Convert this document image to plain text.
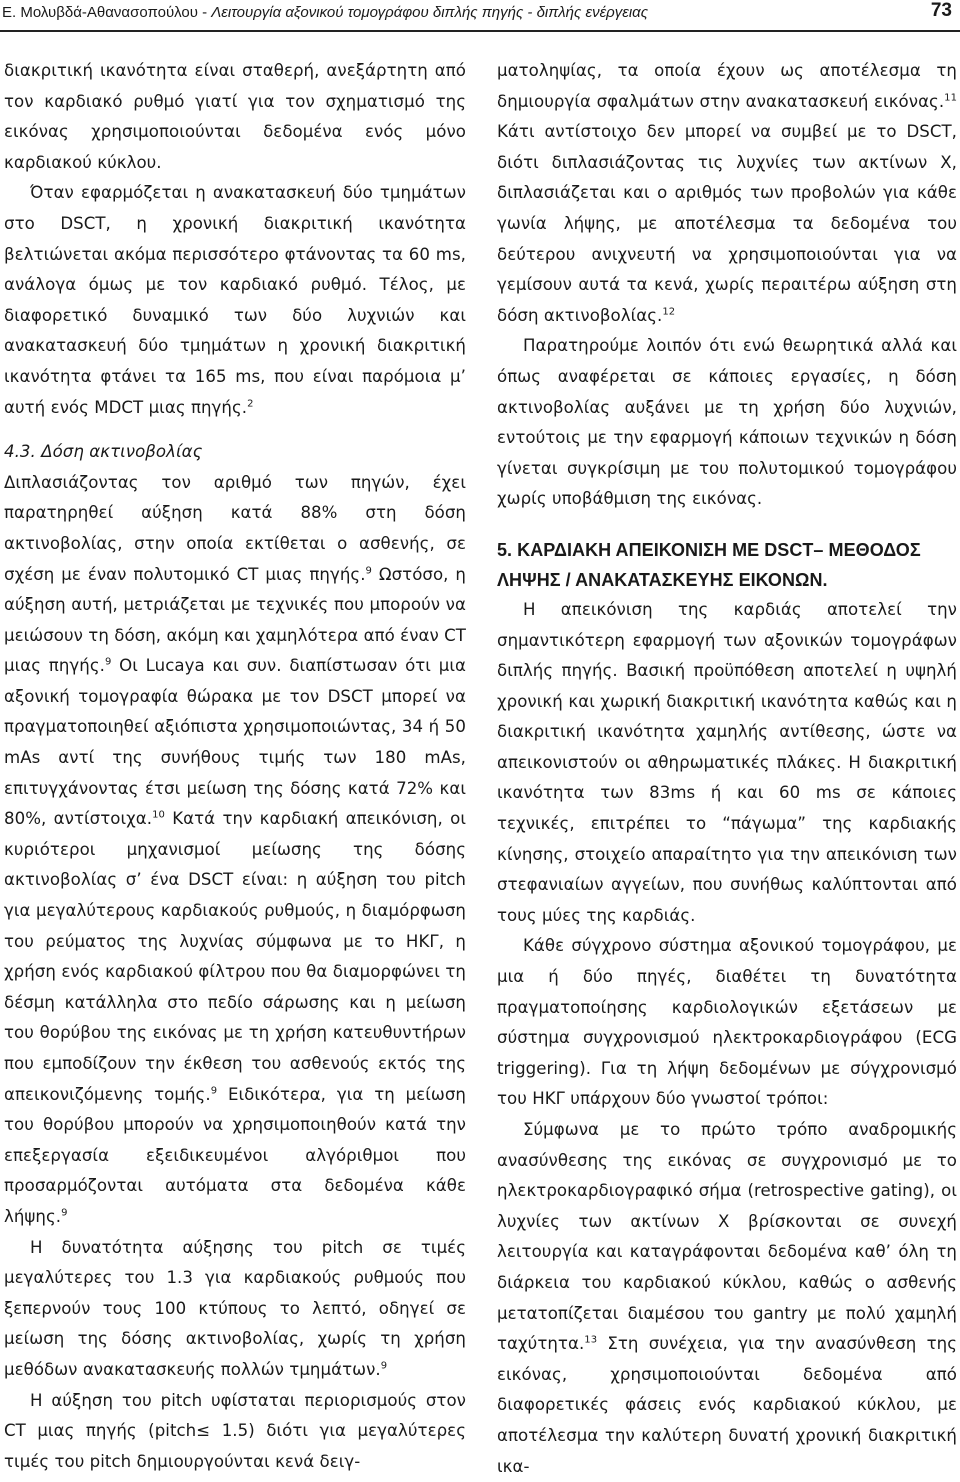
Ε. Μολυβδά-Αθανασοπούλου - Λειτουργία αξονικού τομογράφου διπλής πηγής - διπλής ενέργειας	73

διακριτική ικανότητα είναι σταθερή, ανεξάρτητη από τον καρδιακό ρυθμό γιατί για τον σχηματισμό της εικόνας χρησιμοποιούνται δεδομένα ενός μόνο καρδιακού κύκλου.

Όταν εφαρμόζεται η ανακατασκευή δύο τμημάτων στο DSCT, η χρονική διακριτική ικανότητα βελτιώνεται ακόμα περισσότερο φτάνοντας τα 60 ms, ανάλογα όμως με τον καρδιακό ρυθμό. Τέλος, με διαφορετικό δυναμικό των δύο λυχνιών και ανακατασκευή δύο τμημάτων η χρονική διακριτική ικανότητα φτάνει τα 165 ms, που είναι παρόμοια μ’ αυτή ενός MDCT μιας πηγής.$^2$

4.3. Δόση ακτινοβολίας

Διπλασιάζοντας τον αριθμό των πηγών, έχει παρατηρηθεί αύξηση κατά 88% στη δόση ακτινοβολίας, στην οποία εκτίθεται ο ασθενής, σε σχέση με έναν πολυτομικό CT μιας πηγής.$^9$ Ωστόσο, η αύξηση αυτή, μετριάζεται με τεχνικές που μπορούν να μειώσουν τη δόση, ακόμη και χαμηλότερα από έναν CT μιας πηγής.$^9$ Οι Lucaya και συν. διαπίστωσαν ότι μια αξονική τομογραφία θώρακα με τον DSCT μπορεί να πραγματοποιηθεί αξιόπιστα χρησιμοποιώντας, 34 ή 50 mAs αντί της συνήθους τιμής των 180 mAs, επιτυγχάνοντας έτσι μείωση της δόσης κατά 72% και 80%, αντίστοιχα.$^{10}$ Κατά την καρδιακή απεικόνιση, οι κυριότεροι μηχανισμοί μείωσης της δόσης ακτινοβολίας σ’ ένα DSCT είναι: η αύξηση του pitch για μεγαλύτερους καρδιακούς ρυθμούς, η διαμόρφωση του ρεύματος της λυχνίας σύμφωνα με το ΗΚΓ, η χρήση ενός καρδιακού φίλτρου που θα διαμορφώνει τη δέσμη κατάλληλα στο πεδίο σάρωσης και η μείωση του θορύβου της εικόνας με τη χρήση κατευθυντήρων που εμποδίζουν την έκθεση του ασθενούς εκτός της απεικονιζόμενης τομής.$^9$ Ειδικότερα, για τη μείωση του θορύβου μπορούν να χρησιμοποιηθούν κατά την επεξεργασία εξειδικευμένοι αλγόριθμοι που προσαρμόζονται αυτόματα στα δεδομένα κάθε λήψης.$^9$

Η δυνατότητα αύξησης του pitch σε τιμές μεγαλύτερες του 1.3 για καρδιακούς ρυθμούς που ξεπερνούν τους 100 κτύπους το λεπτό, οδηγεί σε μείωση της δόσης ακτινοβολίας, χωρίς τη χρήση μεθόδων ανακατασκευής πολλών τμημάτων.$^9$

Η αύξηση του pitch υφίσταται περιορισμούς στον CT μιας πηγής (pitch≤ 1.5) διότι για μεγαλύτερες τιμές του pitch δημιουργούνται κενά δειγ-

ματοληψίας, τα οποία έχουν ως αποτέλεσμα τη δημιουργία σφαλμάτων στην ανακατασκευή εικόνας.$^{11}$ Κάτι αντίστοιχο δεν μπορεί να συμβεί με το DSCT, διότι διπλασιάζοντας τις λυχνίες των ακτίνων Χ, διπλασιάζεται και ο αριθμός των προβολών για κάθε γωνία λήψης, με αποτέλεσμα τα δεδομένα του δεύτερου ανιχνευτή να χρησιμοποιούνται για να γεμίσουν αυτά τα κενά, χωρίς περαιτέρω αύξηση στη δόση ακτινοβολίας.$^{12}$

Παρατηρούμε λοιπόν ότι ενώ θεωρητικά αλλά και όπως αναφέρεται σε κάποιες εργασίες, η δόση ακτινοβολίας αυξάνει με τη χρήση δύο λυχνιών, εντούτοις με την εφαρμογή κάποιων τεχνικών η δόση γίνεται συγκρίσιμη με του πολυτομικού τομογράφου χωρίς υποβάθμιση της εικόνας.

5. ΚΑΡΔΙΑΚΗ ΑΠΕΙΚΟΝΙΣΗ ΜΕ DSCT– ΜΕΘΟΔΟΣ ΛΗΨΗΣ / ΑΝΑΚΑΤΑΣΚΕΥΗΣ ΕΙΚΟΝΩΝ.

Η απεικόνιση της καρδιάς αποτελεί την σημαντικότερη εφαρμογή των αξονικών τομογράφων διπλής πηγής. Βασική προϋπόθεση αποτελεί η υψηλή χρονική και χωρική διακριτική ικανότητα καθώς και η διακριτική ικανότητα χαμηλής αντίθεσης, ώστε να απεικονιστούν οι αθηρωματικές πλάκες. Η διακριτική ικανότητα των 83ms ή και 60 ms σε κάποιες τεχνικές, επιτρέπει το “πάγωμα” της καρδιακής κίνησης, στοιχείο απαραίτητο για την απεικόνιση των στεφανιαίων αγγείων, που συνήθως καλύπτονται από τους μύες της καρδιάς.

Κάθε σύγχρονο σύστημα αξονικού τομογράφου, με μια ή δύο πηγές, διαθέτει τη δυνατότητα πραγματοποίησης καρδιολογικών εξετάσεων με σύστημα συγχρονισμού ηλεκτροκαρδιογράφου (ECG triggering). Για τη λήψη δεδομένων με σύγχρονισμό του ΗΚΓ υπάρχουν δύο γνωστοί τρόποι:

Σύμφωνα με το πρώτο τρόπο αναδρομικής ανασύνθεσης της εικόνας σε συγχρονισμό με το ηλεκτροκαρδιογραφικό σήμα (retrospective gating), οι λυχνίες των ακτίνων Χ βρίσκονται σε συνεχή λειτουργία και καταγράφονται δεδομένα καθ’ όλη τη διάρκεια του καρδιακού κύκλου, καθώς ο ασθενής μετατοπίζεται διαμέσου του gantry με πολύ χαμηλή ταχύτητα.$^{13}$ Στη συνέχεια, για την ανασύνθεση της εικόνας, χρησιμοποιούνται δεδομένα από διαφορετικές φάσεις ενός καρδιακού κύκλου, με αποτέλεσμα την καλύτερη δυνατή χρονική διακριτική ικα-
